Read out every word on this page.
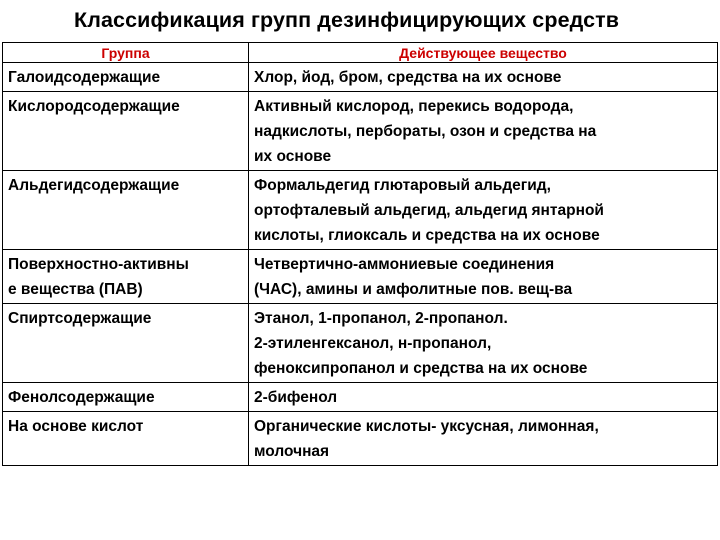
Классификация групп дезинфицирующих средств
Группа	Действующее вещество

Галоидсодержащие	Хлор, йод, бром, средства на их основе

Кислородсодержащие	Активный кислород, перекись водорода,
надкислоты, пербораты, озон и средства на
их основе

Альдегидсодержащие	Формальдегид глютаровый альдегид,
ортофталевый альдегид, альдегид янтарной
кислоты, глиоксаль и средства на их основе

Поверхностно-активны
е вещества (ПАВ)	Четвертично-аммониевые соединения
(ЧАС), амины и амфолитные пов. вещ-ва

Спиртсодержащие	Этанол, 1-пропанол, 2-пропанол.
2-этиленгексанол, н-пропанол,
феноксипропанол и средства на их основе

Фенолсодержащие	2-бифенол

На основе кислот	Органические кислоты- уксусная, лимонная,
молочная
